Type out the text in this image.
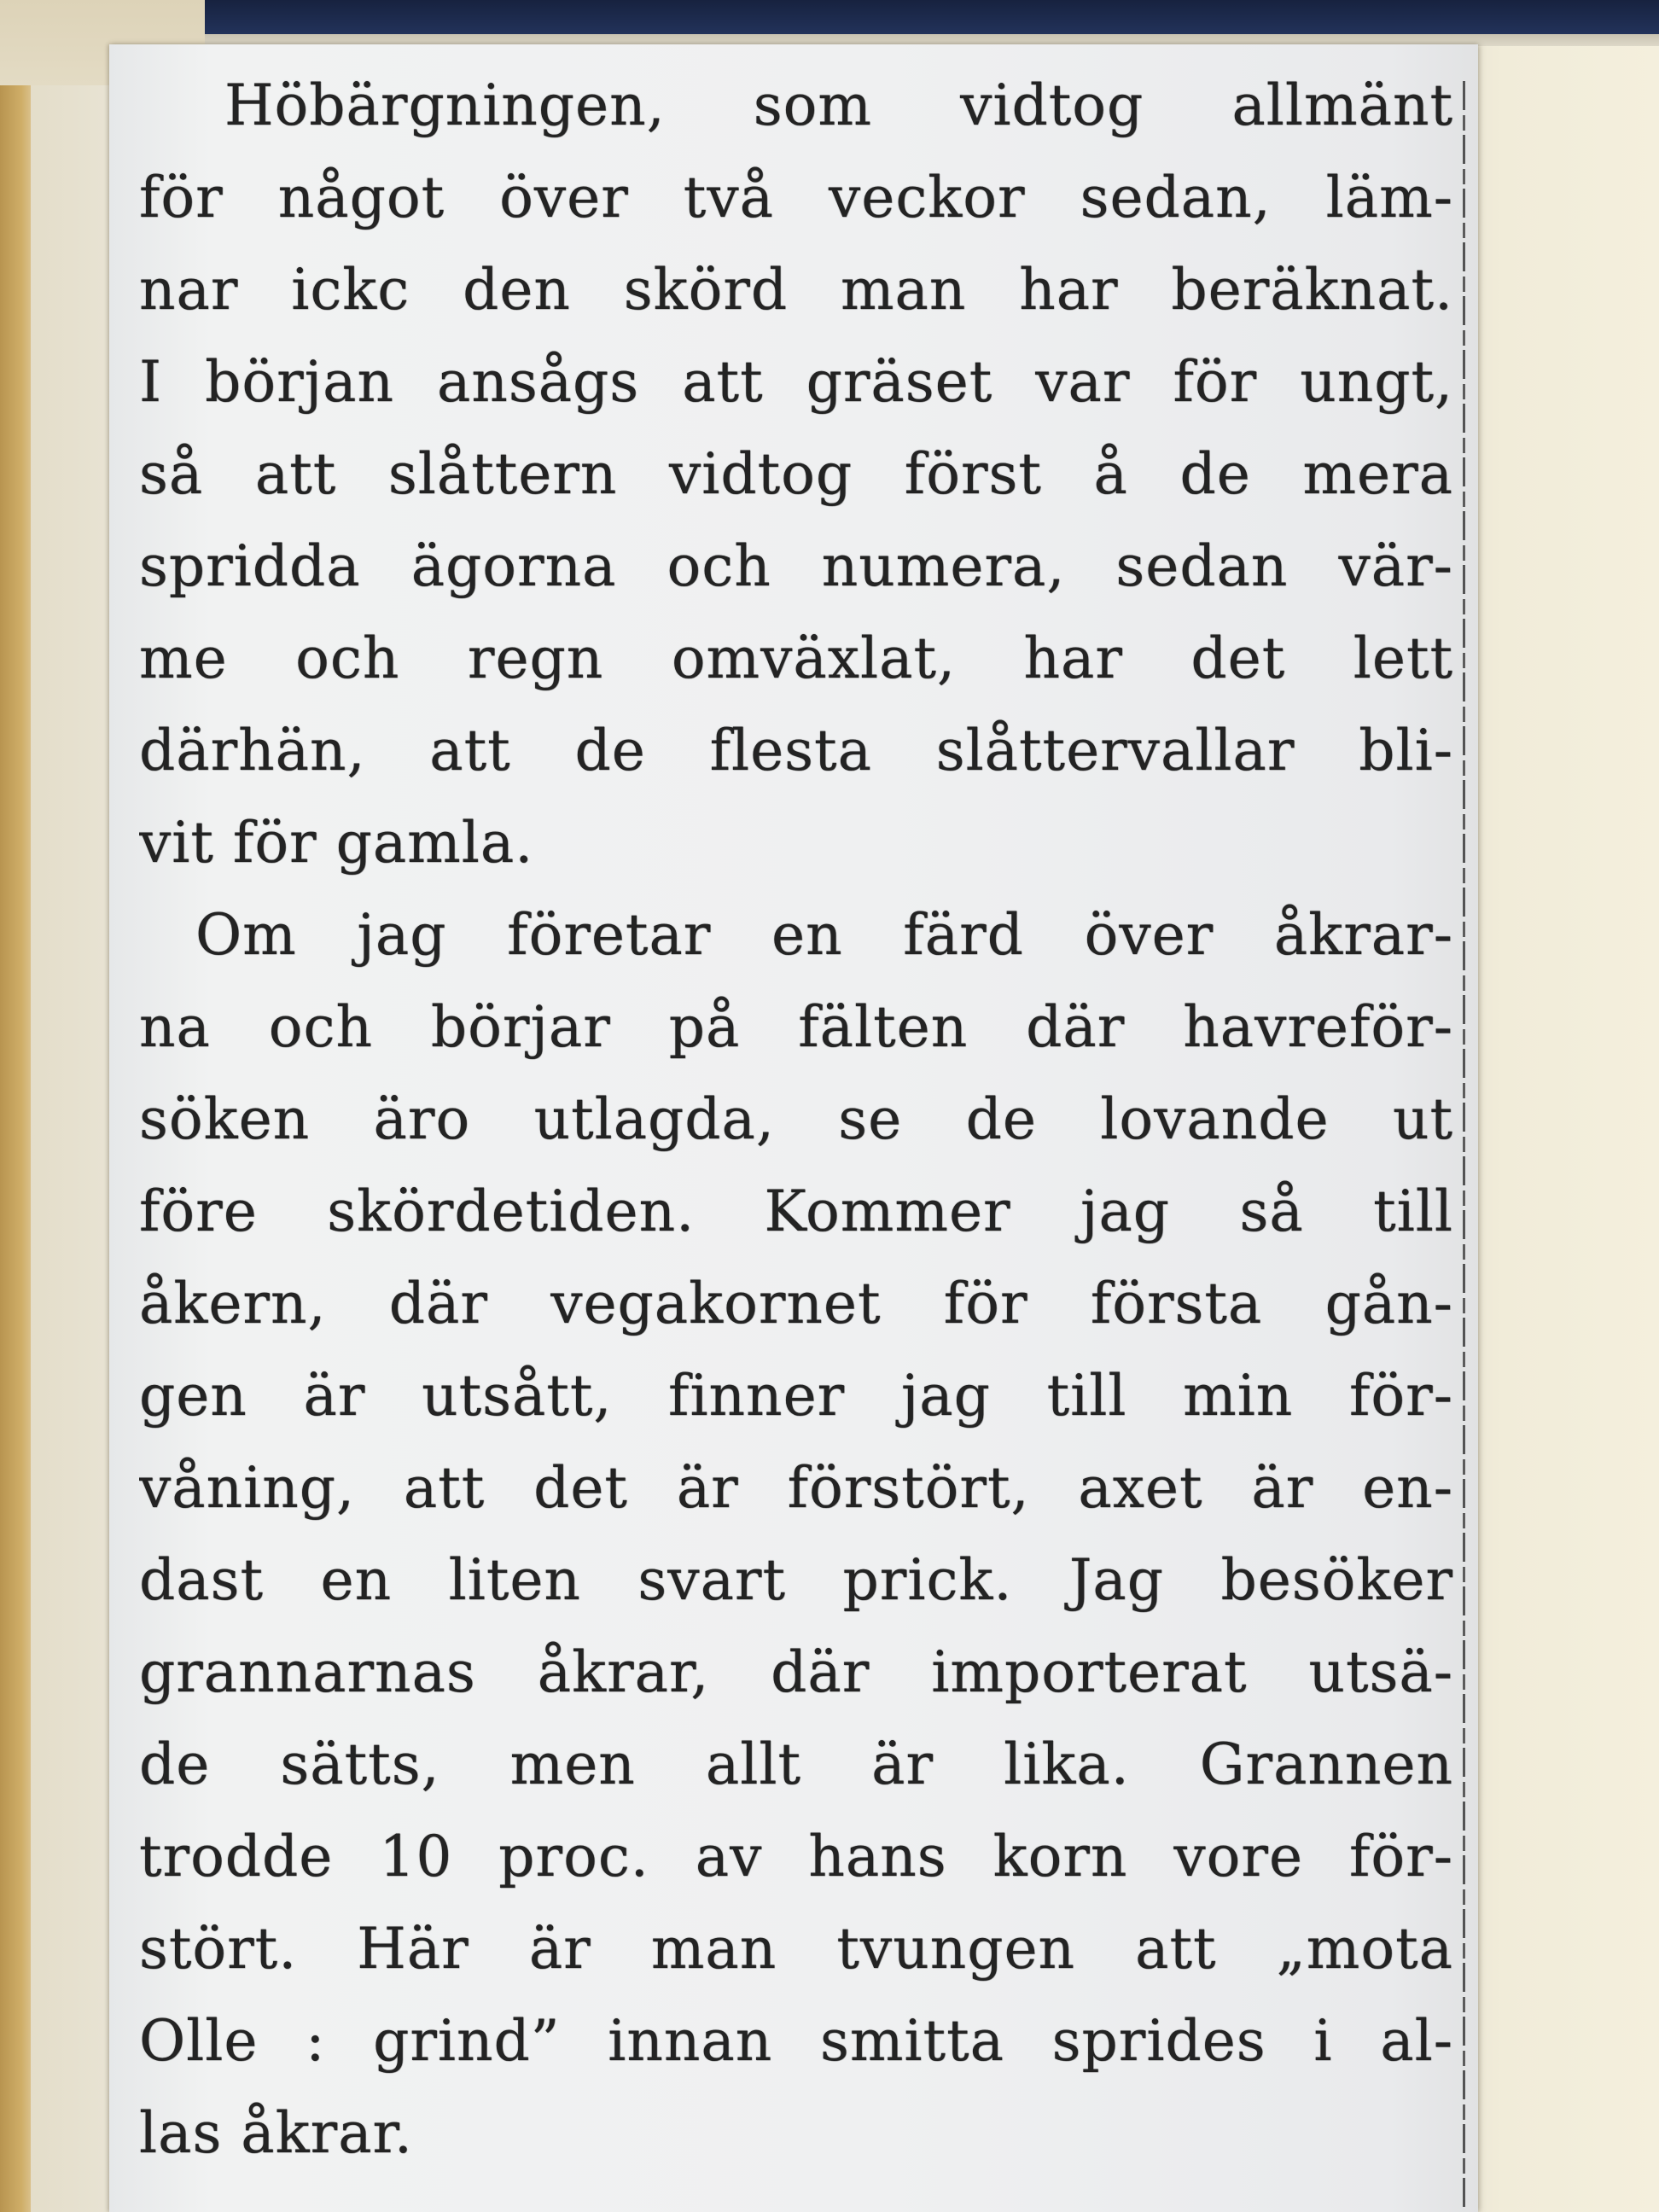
Höbärgningen, som vidtog allmänt
för något över två veckor sedan, läm-
nar ickc den skörd man har beräknat.
I början ansågs att gräset var för ungt,
så att slåttern vidtog först å de mera
spridda ägorna och numera, sedan vär-
me och regn omväxlat, har det lett
därhän, att de flesta slåttervallar bli-
vit för gamla.
Om jag företar en färd över åkrar-
na och börjar på fälten där havreför-
söken äro utlagda, se de lovande ut
före skördetiden. Kommer jag så till
åkern, där vegakornet för första gån-
gen är utsått, finner jag till min för-
våning, att det är förstört, axet är en-
dast en liten svart prick. Jag besöker
grannarnas åkrar, där importerat utsä-
de sätts, men allt är lika. Grannen
trodde 10 proc. av hans korn vore för-
stört. Här är man tvungen att „mota
Olle : grind” innan smitta sprides i al-
las åkrar.
